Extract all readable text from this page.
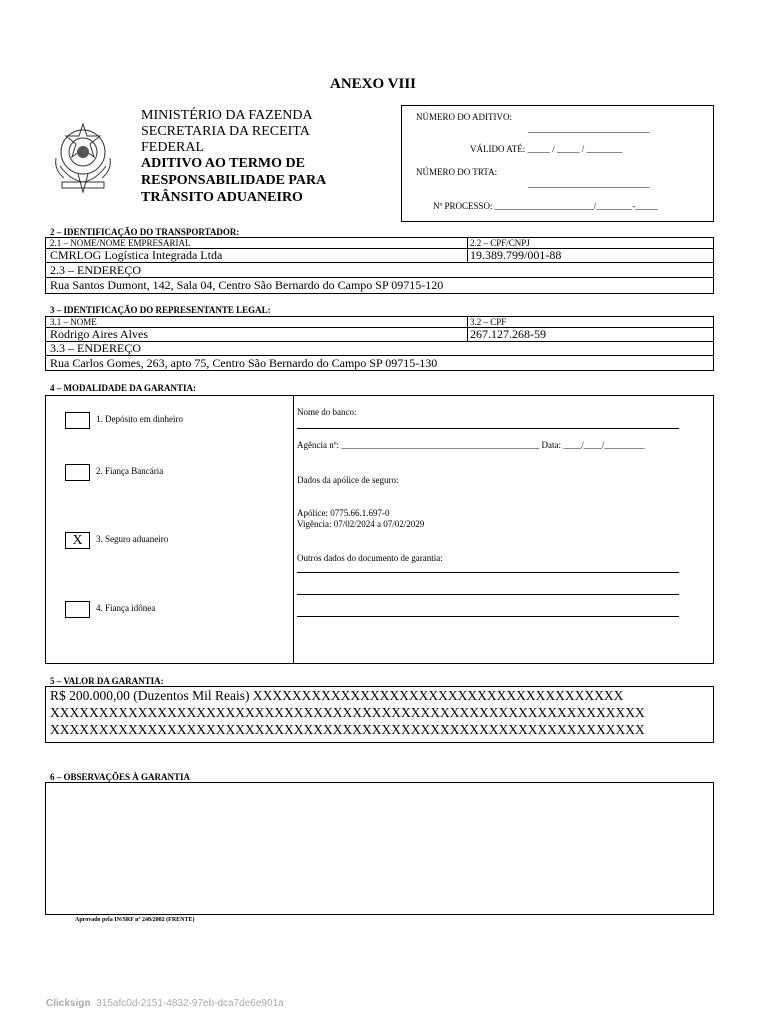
ANEXO VIII
MINISTÉRIO DA FAZENDA
SECRETARIA DA RECEITA
FEDERAL
ADITIVO AO TERMO DE
RESPONSABILIDADE PARA
TRÂNSITO ADUANEIRO
NÚMERO DO ADITIVO:
___________________________
VÁLIDO ATÉ: _____ / _____ / ________
NÚMERO DO TRTA:
___________________________
Nº PROCESSO: ______________________/________-_____
2 – IDENTIFICAÇÃO DO TRANSPORTADOR:
2.1 – NOME/NOME EMPRESARIAL	2.2 – CPF/CNPJ
CMRLOG Logística Integrada Ltda	19.389.799/001-88
2.3 – ENDEREÇO
Rua Santos Dumont, 142, Sala 04, Centro São Bernardo do Campo SP 09715-120
3 – IDENTIFICAÇÃO DO REPRESENTANTE LEGAL:
3.1 – NOME	3.2 – CPF
Rodrigo Aires Alves	267.127.268-59
3.3 – ENDEREÇO
Rua Carlos Gomes, 263, apto 75, Centro São Bernardo do Campo SP 09715-130
4 – MODALIDADE DA GARANTIA:
1. Depósito em dinheiro
2. Fiança Bancária
X	3. Seguro aduaneiro
4. Fiança idônea
Nome do banco:
Agência nº: ____________________________________________ Data: ____/____/_________
Dados da apólice de seguro:
Apólice: 0775.66.1.697-0
Vigência: 07/02/2024 a 07/02/2029
Outros dados do documento de garantia:
5 – VALOR DA GARANTIA:
R$ 200.000,00 (Duzentos Mil Reais) XXXXXXXXXXXXXXXXXXXXXXXXXXXXXXXXXXXXXX
XXXXXXXXXXXXXXXXXXXXXXXXXXXXXXXXXXXXXXXXXXXXXXXXXXXXXXXXXXXXX
XXXXXXXXXXXXXXXXXXXXXXXXXXXXXXXXXXXXXXXXXXXXXXXXXXXXXXXXXXXXX
6 – OBSERVAÇÕES À GARANTIA
Aprovado pela IN/SRF nº 248/2002 (FRENTE)
Clicksign 315afc0d-2151-4832-97eb-dca7de6e901a
